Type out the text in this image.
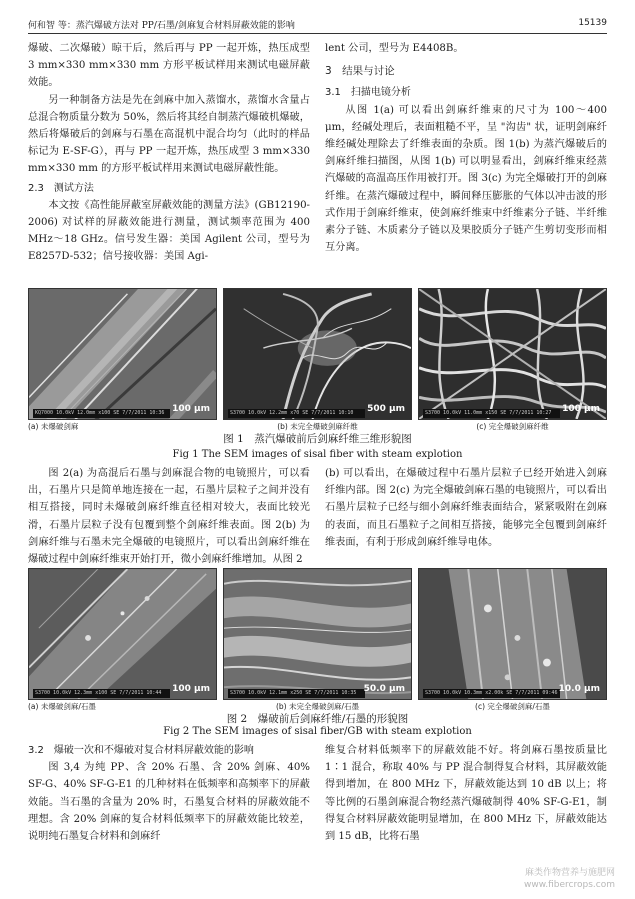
何和智 等：蒸汽爆破方法对 PP/石墨/剑麻复合材料屏蔽效能的影响	15139

爆破、二次爆破）晾干后，然后再与 PP 一起开炼，热压成型 3 mm×330 mm×330 mm 方形平板试样用来测试电磁屏蔽效能。

另一种制备方法是先在剑麻中加入蒸馏水，蒸馏水含量占总混合物质量分数为 50%，然后将其经自制蒸汽爆破机爆破，然后将爆破后的剑麻与石墨在高混机中混合均匀（此时的样品标记为 E-SF-G），再与 PP 一起开炼，热压成型 3 mm×330 mm×330 mm 的方形平板试样用来测试电磁屏蔽性能。

2.3　测试方法

本文按《高性能屏蔽室屏蔽效能的测量方法》(GB12190-2006) 对试样的屏蔽效能进行测量，测试频率范围为 400 MHz～18 GHz。信号发生器：美国 Agilent 公司，型号为 E8257D-532；信号接收器：美国 Agi-

lent 公司，型号为 E4408B。

3　结果与讨论

3.1　扫描电镜分析

从图 1(a) 可以看出剑麻纤维束的尺寸为 100～400 μm，经碱处理后，表面粗糙不平，呈 "沟齿" 状，证明剑麻纤维经碱处理除去了纤维表面的杂质。图 1(b) 为蒸汽爆破后的剑麻纤维扫描图，从图 1(b) 可以明显看出，剑麻纤维束经蒸汽爆破的高温高压作用被打开。图 3(c) 为完全爆破打开的剑麻纤维。在蒸汽爆破过程中，瞬间释压膨胀的气体以冲击波的形式作用于剑麻纤维束，使剑麻纤维束中纤维素分子链、半纤维素分子链、木质素分子链以及果胶质分子链产生剪切变形而相互分离。

KQ7000 10.0kV 12.0mm x100 SE 7/7/2011 10:36 100 μm	S3700 10.0kV 12.2mm x70 SE 7/7/2011 10:10	500 μm	S3700 10.0kV 11.0mm x150 SE 7/7/2011 10:27	100 μm
(a) 未爆破剑麻	(b) 未完全爆破剑麻纤维	(c) 完全爆破剑麻纤维
图 1　蒸汽爆破前后剑麻纤维三维形貌图
Fig 1 The SEM images of sisal fiber with steam explotion

图 2(a) 为高混后石墨与剑麻混合物的电镜照片，可以看出，石墨片只是简单地连接在一起，石墨片层粒子之间并没有相互搭接，同时未爆破剑麻纤维直径相对较大，表面比较光滑，石墨片层粒子没有包覆到整个剑麻纤维表面。图 2(b) 为剑麻纤维与石墨未完全爆破的电镜照片，可以看出剑麻纤维在爆破过程中剑麻纤维束开始打开，微小剑麻纤维增加。从图 2

(b) 可以看出，在爆破过程中石墨片层粒子已经开始进入剑麻纤维内部。图 2(c) 为完全爆破剑麻石墨的电镜照片，可以看出石墨片层粒子已经与细小剑麻纤维表面结合，紧紧吸附在剑麻的表面，而且石墨粒子之间相互搭接，能够完全包覆到剑麻纤维表面，有利于形成剑麻纤维导电体。

S3700 10.0kV 12.3mm x100 SE 7/7/2011 10:44	100 μm	S3700 10.0kV 12.1mm x250 SE 7/7/2011 10:35 50.0 μm	S3700 10.0kV 10.3mm x2.00k SE 7/7/2011 09:46 10.0 μm
(a) 未爆破剑麻/石墨	(b) 未完全爆破剑麻/石墨	(c) 完全爆破剑麻/石墨
图 2　爆破前后剑麻纤维/石墨的形貌图
Fig 2 The SEM images of sisal fiber/GB with steam explotion

3.2　爆破一次和不爆破对复合材料屏蔽效能的影响

图 3,4 为纯 PP、含 20% 石墨、含 20% 剑麻、40% SF-G、40% SF-G-E1 的几种材料在低频率和高频率下的屏蔽效能。当石墨的含量为 20% 时，石墨复合材料的屏蔽效能不理想。含 20% 剑麻的复合材料低频率下的屏蔽效能比较差，说明纯石墨复合材料和剑麻纤

维复合材料低频率下的屏蔽效能不好。将剑麻石墨按质量比 1∶1 混合，称取 40% 与 PP 混合制得复合材料，其屏蔽效能得到增加，在 800 MHz 下，屏蔽效能达到 10 dB 以上；将等比例的石墨剑麻混合物经蒸汽爆破制得 40% SF-G-E1，制得复合材料屏蔽效能明显增加，在 800 MHz 下，屏蔽效能达到 15 dB，比将石墨

麻类作物营养与施肥网
www.fibercrops.com
